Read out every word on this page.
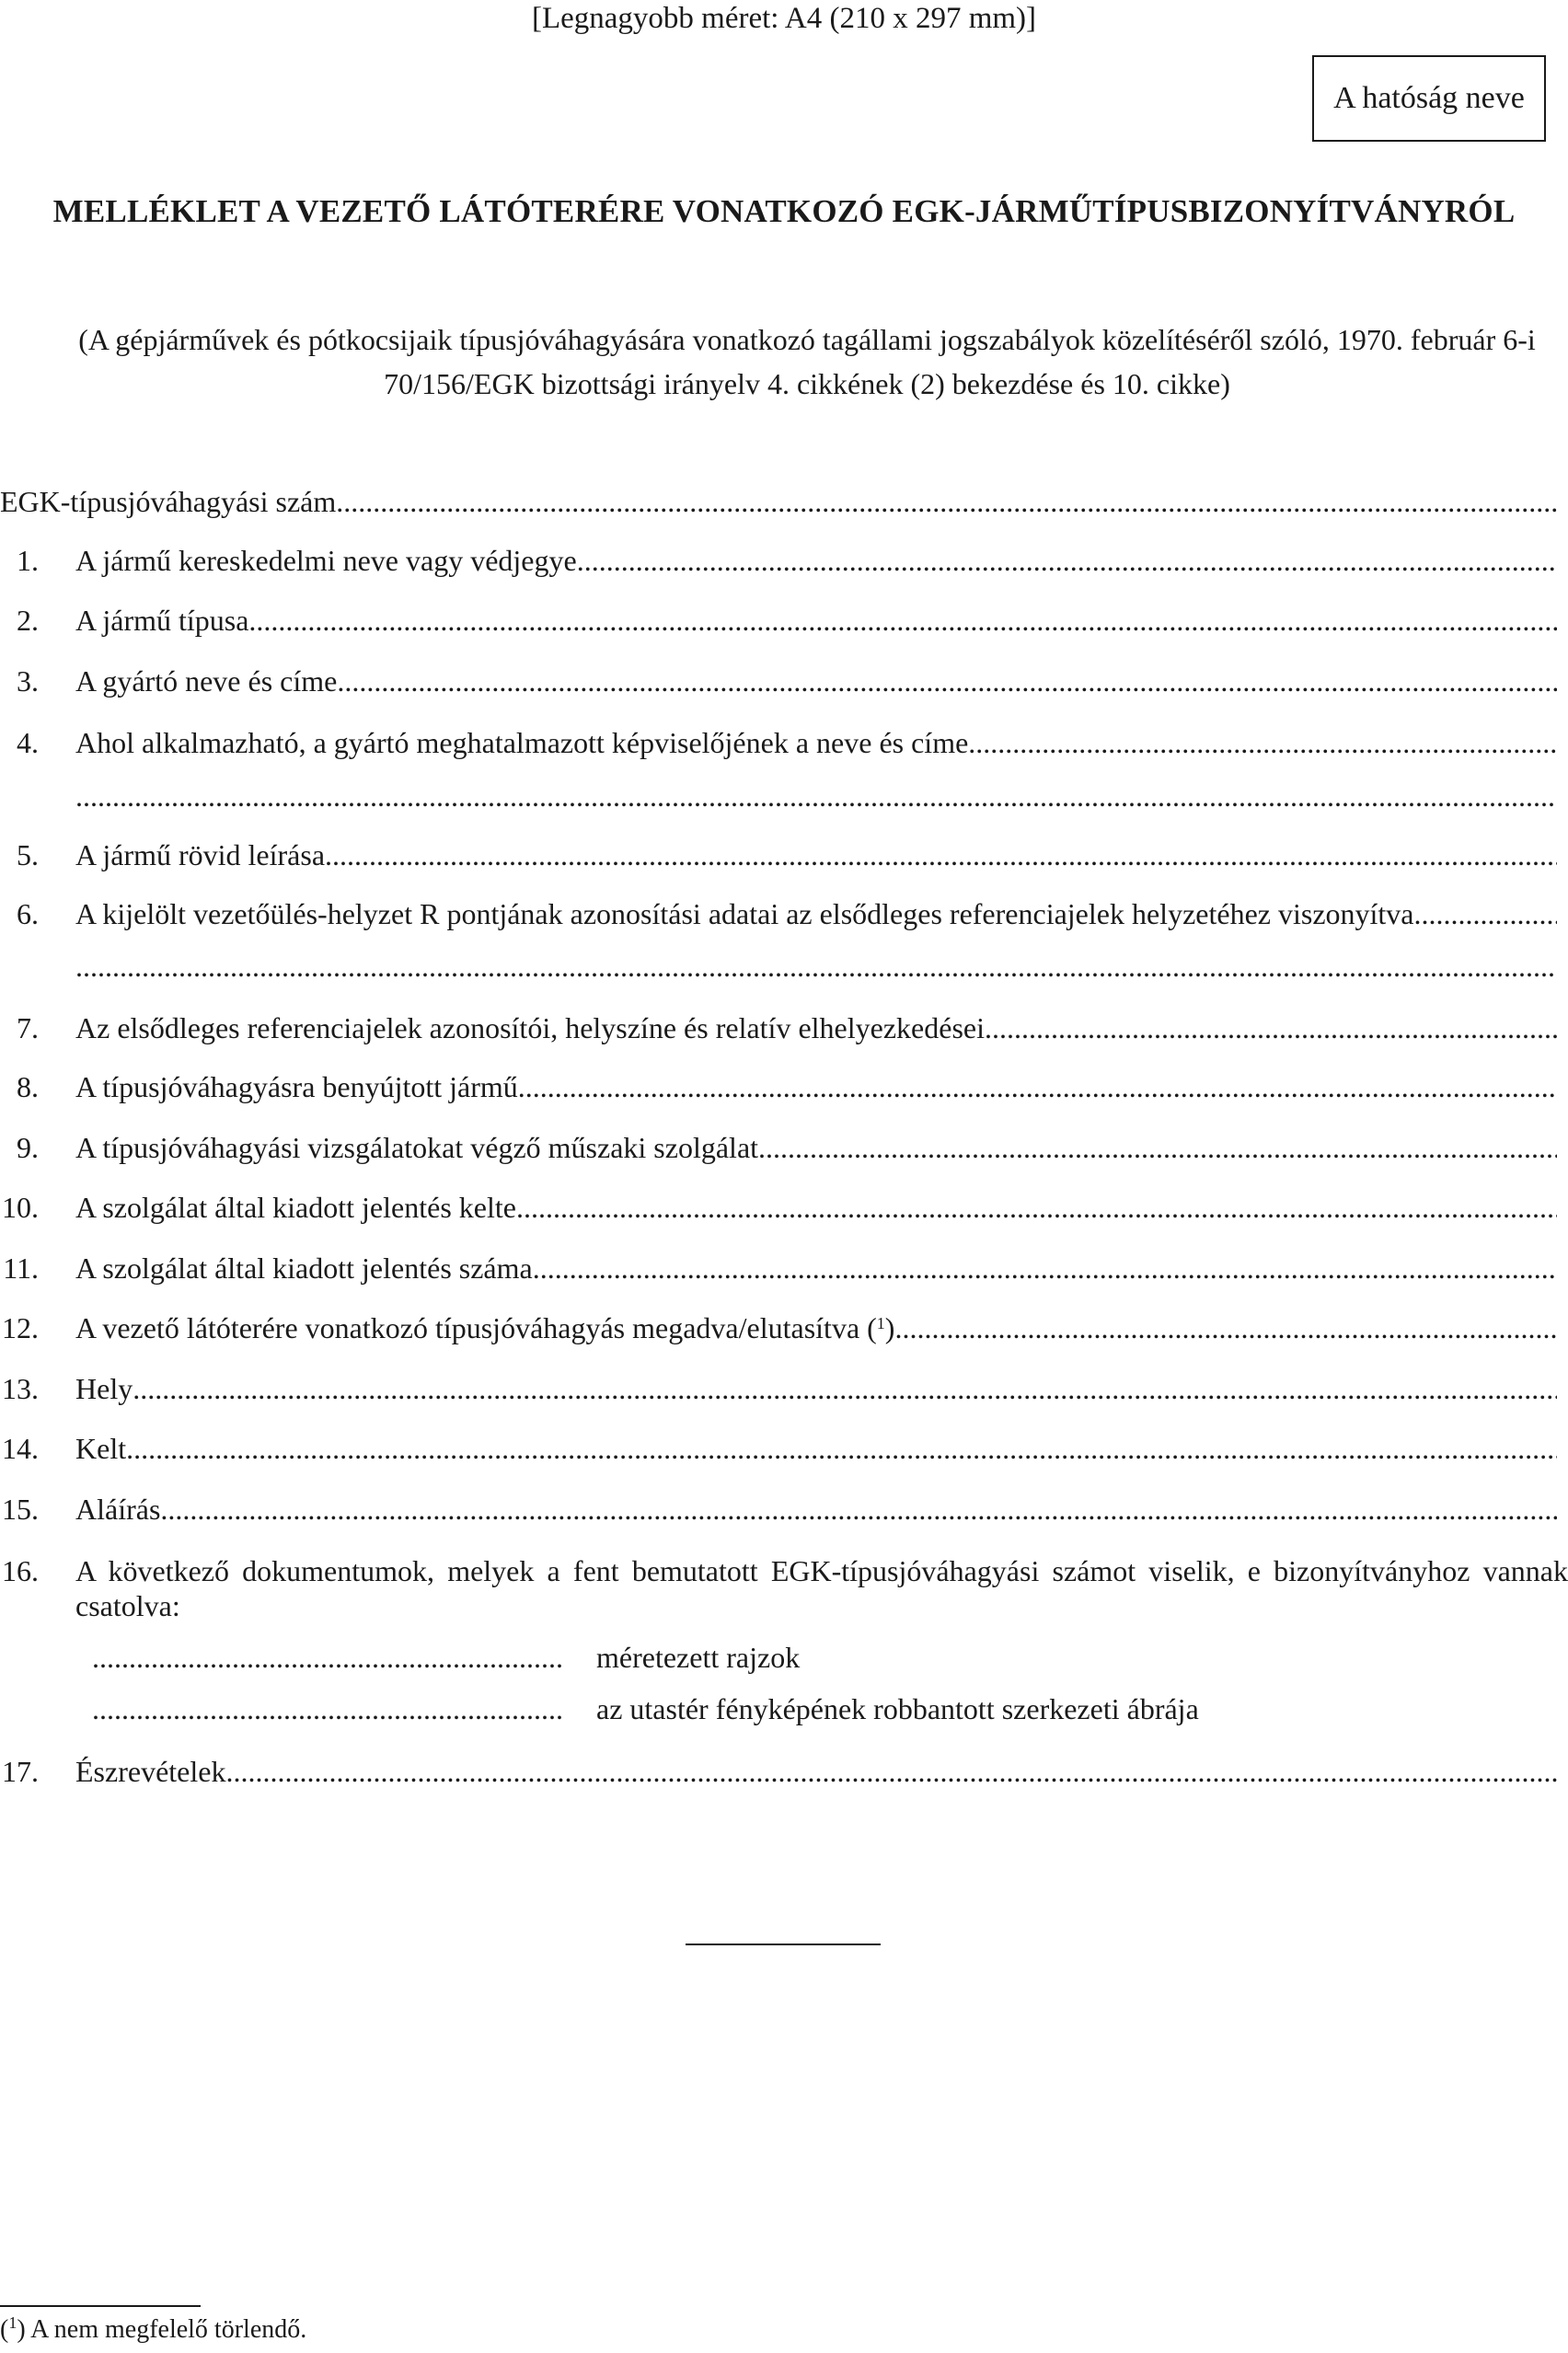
[Legnagyobb méret: A4 (210 x 297 mm)]
A hatóság neve
MELLÉKLET A VEZETŐ LÁTÓTERÉRE VONATKOZÓ EGK-JÁRMŰTÍPUSBIZONYÍTVÁNYRÓL
(A gépjárművek és pótkocsijaik típusjóváhagyására vonatkozó tagállami jogszabályok közelítéséről szóló, 1970. február 6-i 70/156/EGK bizottsági irányelv 4. cikkének (2) bekezdése és 10. cikke)
EGK-típusjóváhagyási szám
.....
1. A jármű kereskedelmi neve vagy védjegye
.....
2. A jármű típusa
.....
3. A gyártó neve és címe
.....
4. Ahol alkalmazható, a gyártó meghatalmazott képviselőjének a neve és címe
.....
.....
5. A jármű rövid leírása
.....
6. A kijelölt vezetőülés-helyzet R pontjának azonosítási adatai az elsődleges referenciajelek helyzetéhez viszonyítva
.....
.....
7. Az elsődleges referenciajelek azonosítói, helyszíne és relatív elhelyezkedései
.....
8. A típusjóváhagyásra benyújtott jármű
.....
9. A típusjóváhagyási vizsgálatokat végző műszaki szolgálat
.....
10. A szolgálat által kiadott jelentés kelte
.....
11. A szolgálat által kiadott jelentés száma
.....
12. A vezető látóterére vonatkozó típusjóváhagyás megadva/elutasítva ($^1$)
.....
13. Hely
.....
14. Kelt
.....
15. Aláírás
.....
16. A következő dokumentumok, melyek a fent bemutatott EGK-típusjóváhagyási számot viselik, e bizonyítványhoz vannak csatolva:
.....
méretezett rajzok
.....
az utastér fényképének robbantott szerkezeti ábrája
17. Észrevételek
.....
($^1$) A nem megfelelő törlendő.
